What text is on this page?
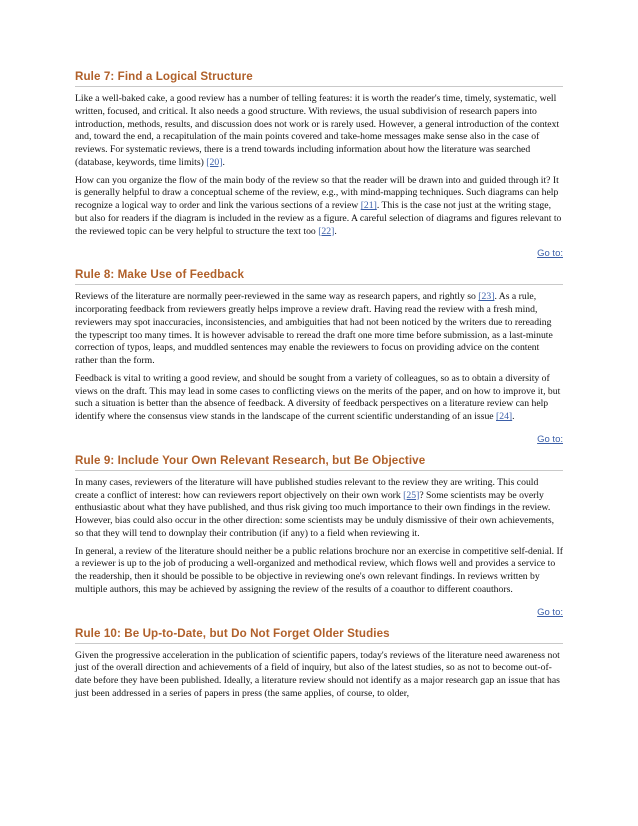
Rule 7: Find a Logical Structure

Like a well-baked cake, a good review has a number of telling features: it is worth the reader's time, timely, systematic, well written, focused, and critical. It also needs a good structure. With reviews, the usual subdivision of research papers into introduction, methods, results, and discussion does not work or is rarely used. However, a general introduction of the context and, toward the end, a recapitulation of the main points covered and take-home messages make sense also in the case of reviews. For systematic reviews, there is a trend towards including information about how the literature was searched (database, keywords, time limits) [20].

How can you organize the flow of the main body of the review so that the reader will be drawn into and guided through it? It is generally helpful to draw a conceptual scheme of the review, e.g., with mind-mapping techniques. Such diagrams can help recognize a logical way to order and link the various sections of a review [21]. This is the case not just at the writing stage, but also for readers if the diagram is included in the review as a figure. A careful selection of diagrams and figures relevant to the reviewed topic can be very helpful to structure the text too [22].

Go to:
Rule 8: Make Use of Feedback

Reviews of the literature are normally peer-reviewed in the same way as research papers, and rightly so [23]. As a rule, incorporating feedback from reviewers greatly helps improve a review draft. Having read the review with a fresh mind, reviewers may spot inaccuracies, inconsistencies, and ambiguities that had not been noticed by the writers due to rereading the typescript too many times. It is however advisable to reread the draft one more time before submission, as a last-minute correction of typos, leaps, and muddled sentences may enable the reviewers to focus on providing advice on the content rather than the form.

Feedback is vital to writing a good review, and should be sought from a variety of colleagues, so as to obtain a diversity of views on the draft. This may lead in some cases to conflicting views on the merits of the paper, and on how to improve it, but such a situation is better than the absence of feedback. A diversity of feedback perspectives on a literature review can help identify where the consensus view stands in the landscape of the current scientific understanding of an issue [24].

Go to:
Rule 9: Include Your Own Relevant Research, but Be Objective

In many cases, reviewers of the literature will have published studies relevant to the review they are writing. This could create a conflict of interest: how can reviewers report objectively on their own work [25]? Some scientists may be overly enthusiastic about what they have published, and thus risk giving too much importance to their own findings in the review. However, bias could also occur in the other direction: some scientists may be unduly dismissive of their own achievements, so that they will tend to downplay their contribution (if any) to a field when reviewing it.

In general, a review of the literature should neither be a public relations brochure nor an exercise in competitive self-denial. If a reviewer is up to the job of producing a well-organized and methodical review, which flows well and provides a service to the readership, then it should be possible to be objective in reviewing one's own relevant findings. In reviews written by multiple authors, this may be achieved by assigning the review of the results of a coauthor to different coauthors.

Go to:
Rule 10: Be Up-to-Date, but Do Not Forget Older Studies

Given the progressive acceleration in the publication of scientific papers, today's reviews of the literature need awareness not just of the overall direction and achievements of a field of inquiry, but also of the latest studies, so as not to become out-of-date before they have been published. Ideally, a literature review should not identify as a major research gap an issue that has just been addressed in a series of papers in press (the same applies, of course, to older,
